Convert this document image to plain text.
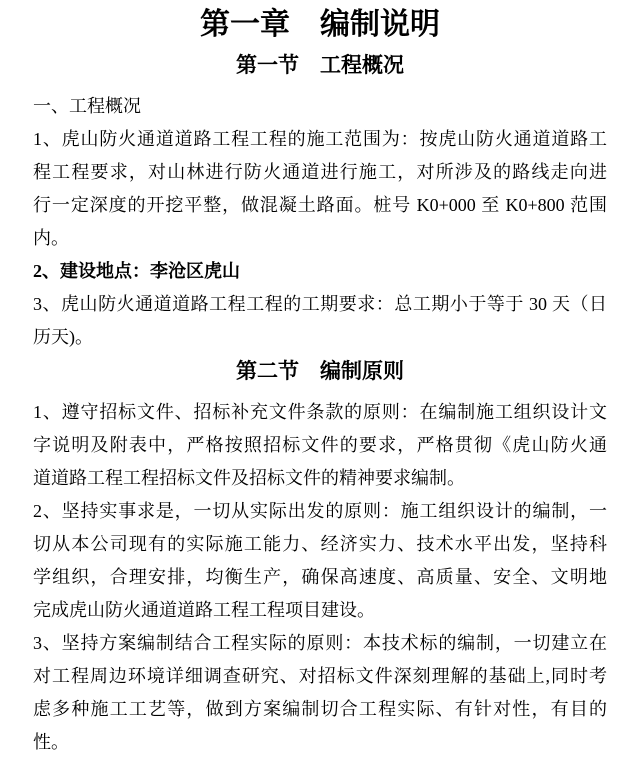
第一章　编制说明
第一节　工程概况
一、工程概况
1、虎山防火通道道路工程工程的施工范围为：按虎山防火通道道路工
程工程要求，对山林进行防火通道进行施工，对所涉及的路线走向进
行一定深度的开挖平整，做混凝土路面。桩号 K0+000 至 K0+800 范围
内。
2、建设地点：李沧区虎山
3、虎山防火通道道路工程工程的工期要求：总工期小于等于 30 天（日
历天)。
第二节　编制原则
1、遵守招标文件、招标补充文件条款的原则：在编制施工组织设计文
字说明及附表中，严格按照招标文件的要求，严格贯彻《虎山防火通
道道路工程工程招标文件及招标文件的精神要求编制。
2、坚持实事求是，一切从实际出发的原则：施工组织设计的编制，一
切从本公司现有的实际施工能力、经济实力、技术水平出发，坚持科
学组织，合理安排，均衡生产，确保高速度、高质量、安全、文明地
完成虎山防火通道道路工程工程项目建设。
3、坚持方案编制结合工程实际的原则：本技术标的编制，一切建立在
对工程周边环境详细调查研究、对招标文件深刻理解的基础上,同时考
虑多种施工工艺等，做到方案编制切合工程实际、有针对性，有目的
性。
